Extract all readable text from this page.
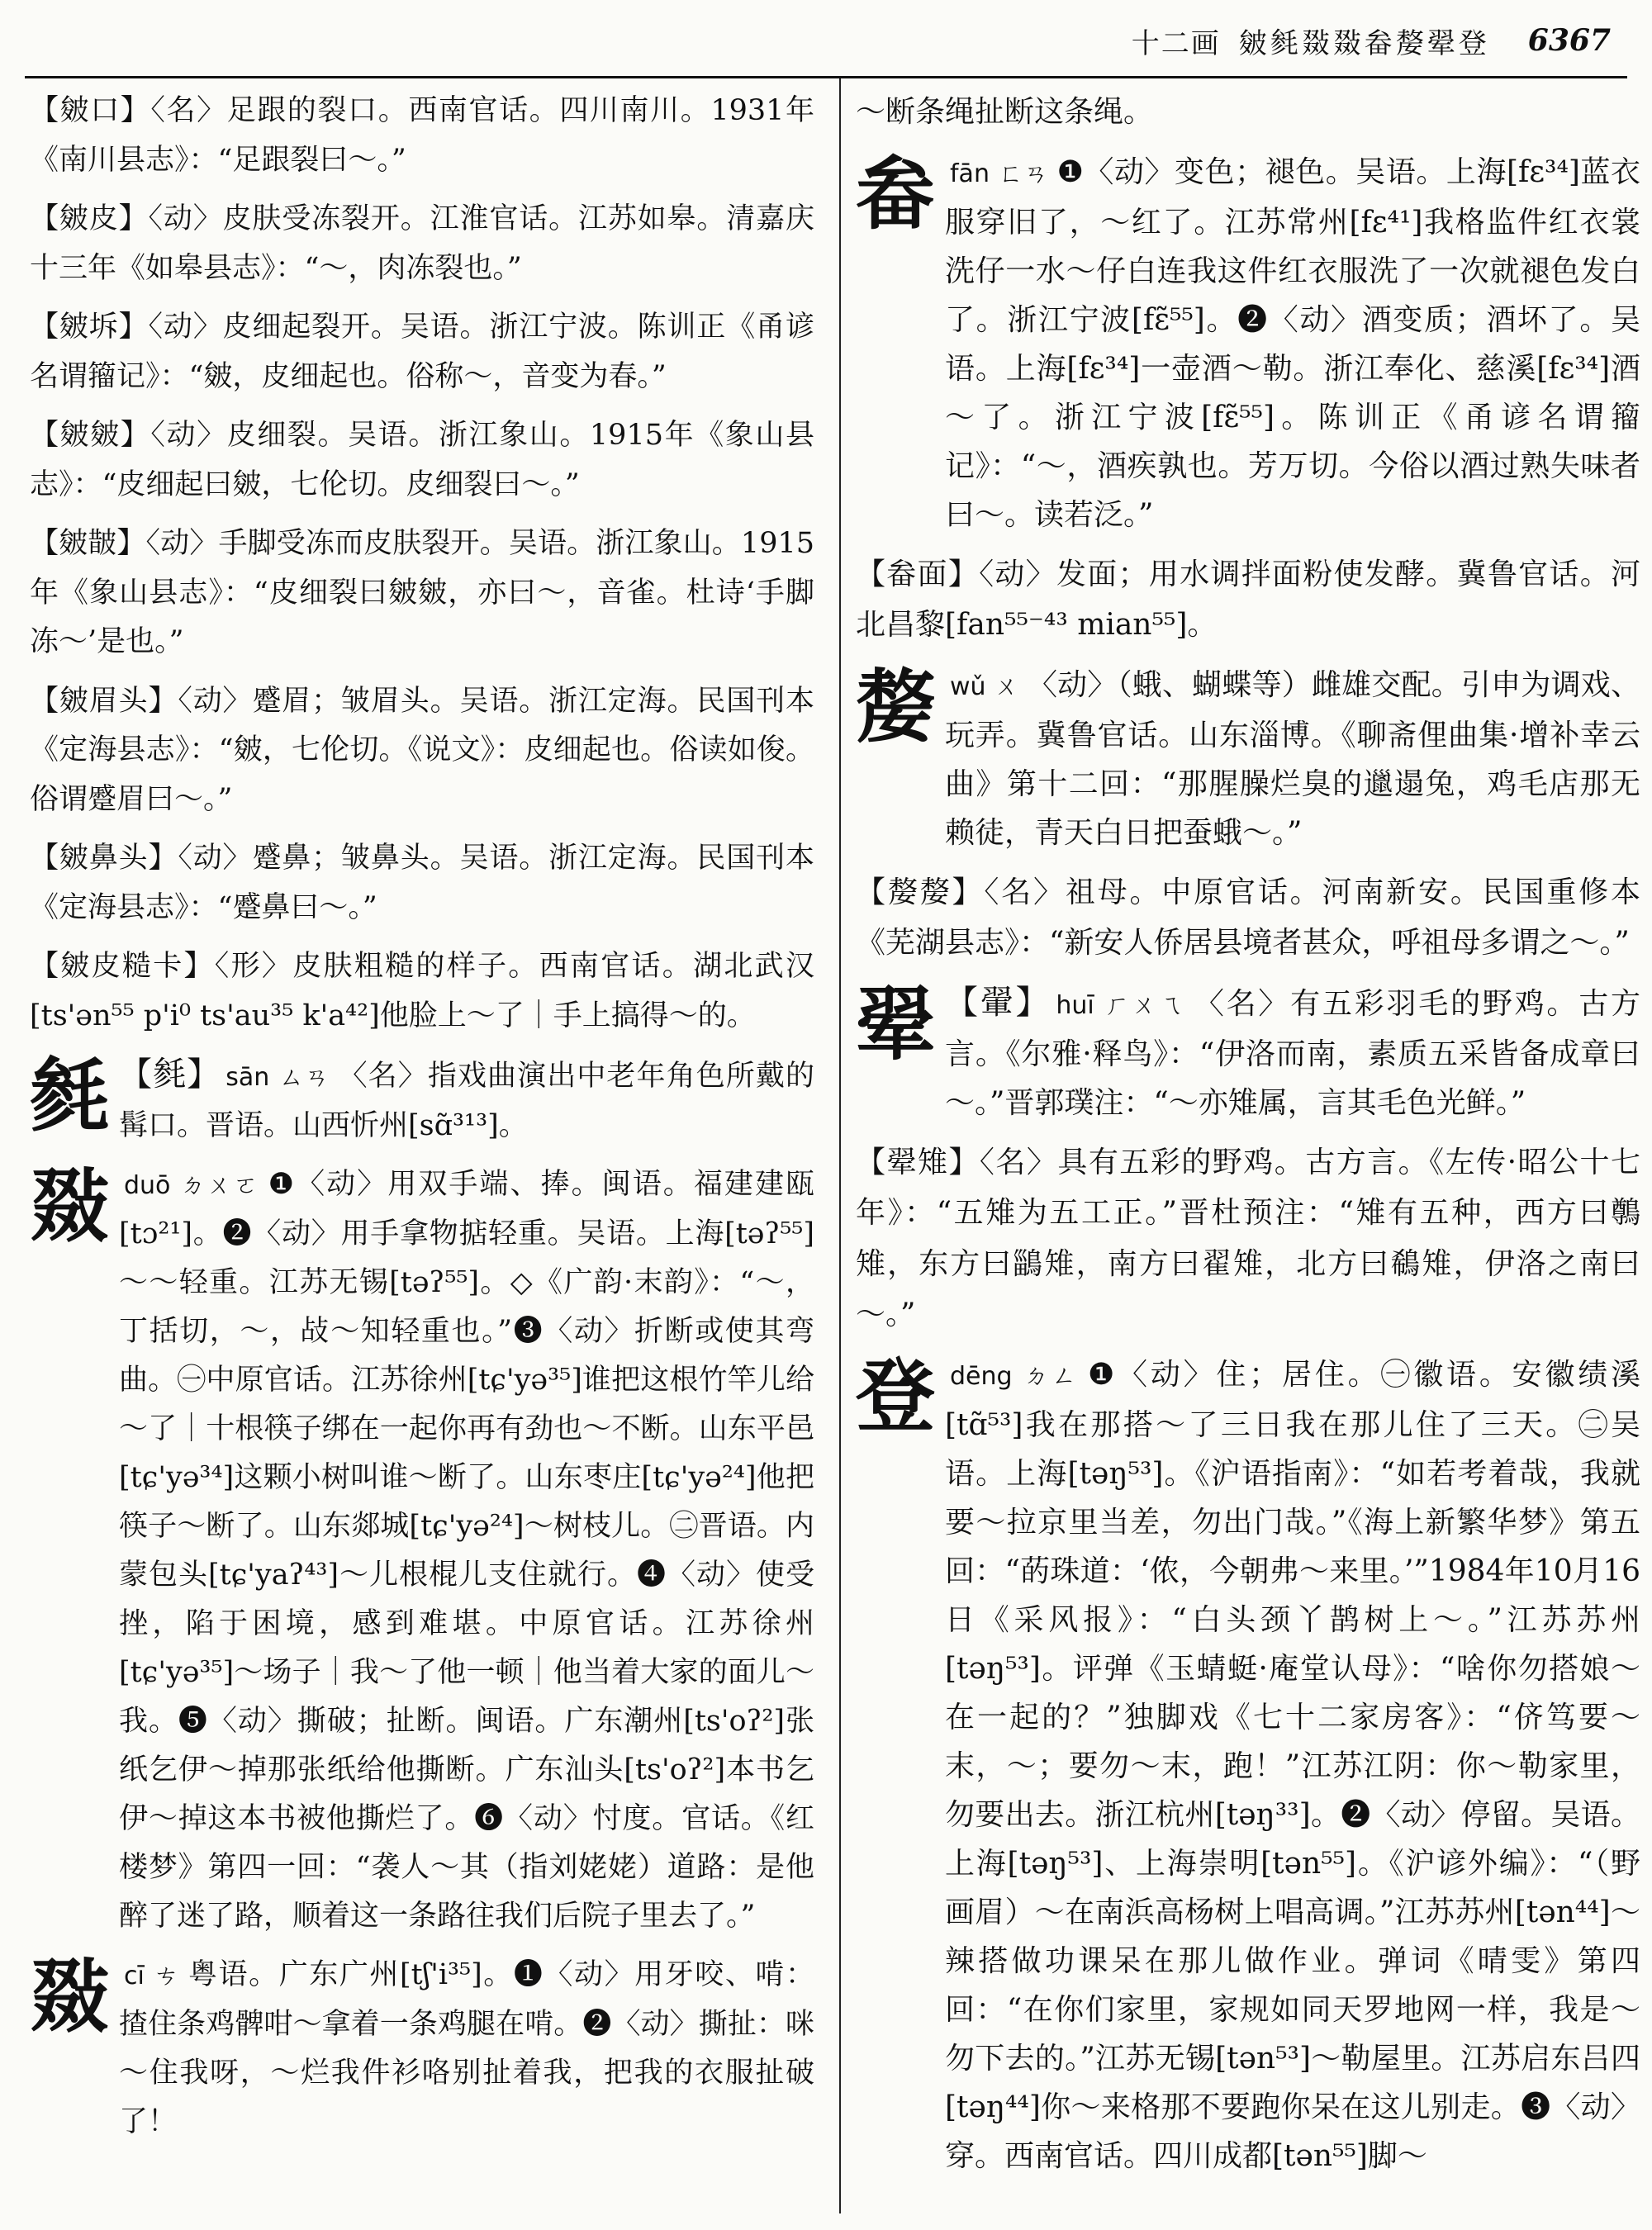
十二画 皴毵敠敠畚嫠翚登 6367
【皴口】〈名〉足跟的裂口。西南官话。四川南川。1931年《南川县志》：“足跟裂曰～。”
【皴皮】〈动〉皮肤受冻裂开。江淮官话。江苏如皋。清嘉庆十三年《如皋县志》：“～，肉冻裂也。”
【皴坼】〈动〉皮细起裂开。吴语。浙江宁波。陈训正《甬谚名谓籀记》：“皴，皮细起也。俗称～，音变为春。”
【皴皴】〈动〉皮细裂。吴语。浙江象山。1915年《象山县志》：“皮细起曰皴，七伦切。皮细裂曰～。”
【皴皵】〈动〉手脚受冻而皮肤裂开。吴语。浙江象山。1915年《象山县志》：“皮细裂曰皴皴，亦曰～，音雀。杜诗‘手脚冻～’是也。”
【皴眉头】〈动〉蹙眉；皱眉头。吴语。浙江定海。民国刊本《定海县志》：“皴，七伦切。《说文》：皮细起也。俗读如俊。俗谓蹙眉曰～。”
【皴鼻头】〈动〉蹙鼻；皱鼻头。吴语。浙江定海。民国刊本《定海县志》：“蹙鼻曰～。”
【皴皮糙卡】〈形〉皮肤粗糙的样子。西南官话。湖北武汉[ts'ən⁵⁵ p'i⁰ ts'au³⁵ k'a⁴²]他脸上～了｜手上搞得～的。
毵 【毵】 sān ㄙㄢ 〈名〉指戏曲演出中老年角色所戴的髯口。晋语。山西忻州[sɑ̃³¹³]。
敠 duō ㄉㄨㄛ ❶〈动〉用双手端、捧。闽语。福建建瓯[tɔ²¹]。❷〈动〉用手拿物掂轻重。吴语。上海[təʔ⁵⁵]～～轻重。江苏无锡[təʔ⁵⁵]。◇《广韵·末韵》：“～，丁括切，～，敁～知轻重也。”❸〈动〉折断或使其弯曲。㊀中原官话。江苏徐州[tɕ'yə³⁵]谁把这根竹竿儿给～了｜十根筷子绑在一起你再有劲也～不断。山东平邑[tɕ'yə³⁴]这颗小树叫谁～断了。山东枣庄[tɕ'yə²⁴]他把筷子～断了。山东郯城[tɕ'yə²⁴]～树枝儿。㊁晋语。内蒙包头[tɕ'yaʔ⁴³]～儿根棍儿支住就行。❹〈动〉使受挫，陷于困境，感到难堪。中原官话。江苏徐州[tɕ'yə³⁵]～场子｜我～了他一顿｜他当着大家的面儿～我。❺〈动〉撕破；扯断。闽语。广东潮州[ts'oʔ²]张纸乞伊～掉那张纸给他撕断。广东汕头[ts'oʔ²]本书乞伊～掉这本书被他撕烂了。❻〈动〉忖度。官话。《红楼梦》第四一回：“袭人～其（指刘姥姥）道路：是他醉了迷了路，顺着这一条路往我们后院子里去了。”
敠 cī ㄘ 粤语。广东广州[tʃ'i³⁵]。❶〈动〉用牙咬、啃：揸住条鸡髀咁～拿着一条鸡腿在啃。❷〈动〉撕扯：咪～住我呀，～烂我件衫咯别扯着我，把我的衣服扯破了！
～断条绳扯断这条绳。
畚 fān ㄈㄢ ❶〈动〉变色；褪色。吴语。上海[fɛ³⁴]蓝衣服穿旧了，～红了。江苏常州[fɛ⁴¹]我格监件红衣裳洗仔一水～仔白连我这件红衣服洗了一次就褪色发白了。浙江宁波[fɛ̃⁵⁵]。❷〈动〉酒变质；酒坏了。吴语。上海[fɛ³⁴]一壶酒～勒。浙江奉化、慈溪[fɛ³⁴]酒～了。浙江宁波[fɛ̃⁵⁵]。陈训正《甬谚名谓籀记》：“～，酒疾孰也。芳万切。今俗以酒过熟失味者曰～。读若泛。”
【畚面】〈动〉发面；用水调拌面粉使发酵。冀鲁官话。河北昌黎[fan⁵⁵⁻⁴³ mian⁵⁵]。
嫠 wǔ ㄨ 〈动〉（蛾、蝴蝶等）雌雄交配。引申为调戏、玩弄。冀鲁官话。山东淄博。《聊斋俚曲集·增补幸云曲》第十二回：“那腥臊烂臭的邋遢兔，鸡毛店那无赖徒，青天白日把蚕蛾～。”
【嫠嫠】〈名〉祖母。中原官话。河南新安。民国重修本《芜湖县志》：“新安人侨居县境者甚众，呼祖母多谓之～。”
翚 【翬】 huī ㄏㄨㄟ 〈名〉有五彩羽毛的野鸡。古方言。《尔雅·释鸟》：“伊洛而南，素质五采皆备成章曰～。”晋郭璞注：“～亦雉属，言其毛色光鲜。”
【翚雉】〈名〉具有五彩的野鸡。古方言。《左传·昭公十七年》：“五雉为五工正。”晋杜预注：“雉有五种，西方曰鷷雉，东方曰鶅雉，南方曰翟雉，北方曰鵗雉，伊洛之南曰～。”
登 dēng ㄉㄥ ❶〈动〉住；居住。㊀徽语。安徽绩溪[tɑ̃⁵³]我在那搭～了三日我在那儿住了三天。㊁吴语。上海[təŋ⁵³]。《沪语指南》：“如若考着哉，我就要～拉京里当差，勿出门哉。”《海上新繁华梦》第五回：“菂珠道：‘侬，今朝弗～来里。’”1984年10月16日《采风报》：“白头颈丫鹊树上～。”江苏苏州[təŋ⁵³]。评弹《玉蜻蜓·庵堂认母》：“啥你勿搭娘～在一起的？”独脚戏《七十二家房客》：“侪笃要～末，～；要勿～末，跑！”江苏江阴：你～勒家里，勿要出去。浙江杭州[təŋ³³]。❷〈动〉停留。吴语。上海[təŋ⁵³]、上海崇明[tən⁵⁵]。《沪谚外编》：“（野画眉）～在南浜高杨树上唱高调。”江苏苏州[tən⁴⁴]～辣搭做功课呆在那儿做作业。弹词《晴雯》第四回：“在你们家里，家规如同天罗地网一样，我是～勿下去的。”江苏无锡[tən⁵³]～勒屋里。江苏启东吕四[təŋ⁴⁴]你～来格那不要跑你呆在这儿别走。❸〈动〉穿。西南官话。四川成都[tən⁵⁵]脚～
